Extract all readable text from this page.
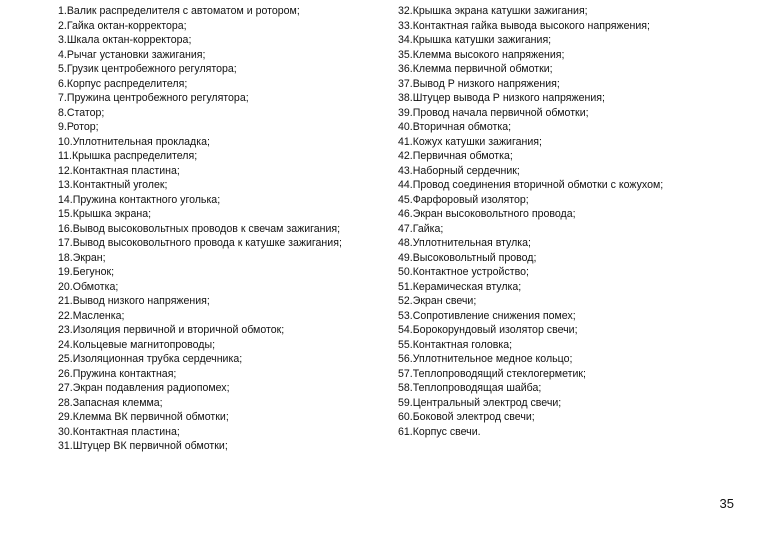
1.Валик распределителя с автоматом и ротором;
2.Гайка октан-корректора;
3.Шкала октан-корректора;
4.Рычаг установки зажигания;
5.Грузик центробежного регулятора;
6.Корпус распределителя;
7.Пружина центробежного регулятора;
8.Статор;
9.Ротор;
10.Уплотнительная прокладка;
11.Крышка распределителя;
12.Контактная пластина;
13.Контактный уголек;
14.Пружина контактного уголька;
15.Крышка экрана;
16.Вывод высоковольтных проводов к свечам зажигания;
17.Вывод высоковольтного провода к катушке зажигания;
18.Экран;
19.Бегунок;
20.Обмотка;
21.Вывод низкого напряжения;
22.Масленка;
23.Изоляция первичной и вторичной обмоток;
24.Кольцевые магнитопроводы;
25.Изоляционная трубка сердечника;
26.Пружина контактная;
27.Экран подавления радиопомех;
28.Запасная клемма;
29.Клемма ВК первичной обмотки;
30.Контактная пластина;
31.Штуцер ВК первичной обмотки;
32.Крышка экрана катушки зажигания;
33.Контактная гайка вывода высокого напряжения;
34.Крышка катушки зажигания;
35.Клемма высокого напряжения;
36.Клемма первичной обмотки;
37.Вывод Р низкого напряжения;
38.Штуцер вывода Р низкого напряжения;
39.Провод начала первичной обмотки;
40.Вторичная обмотка;
41.Кожух катушки зажигания;
42.Первичная обмотка;
43.Наборный сердечник;
44.Провод соединения вторичной обмотки с кожухом;
45.Фарфоровый изолятор;
46.Экран высоковольтного провода;
47.Гайка;
48.Уплотнительная втулка;
49.Высоковольтный провод;
50.Контактное устройство;
51.Керамическая втулка;
52.Экран свечи;
53.Сопротивление снижения помех;
54.Борокорундовый изолятор свечи;
55.Контактная головка;
56.Уплотнительное медное кольцо;
57.Теплопроводящий стеклогерметик;
58.Теплопроводящая шайба;
59.Центральный электрод свечи;
60.Боковой электрод свечи;
61.Корпус свечи.
35
